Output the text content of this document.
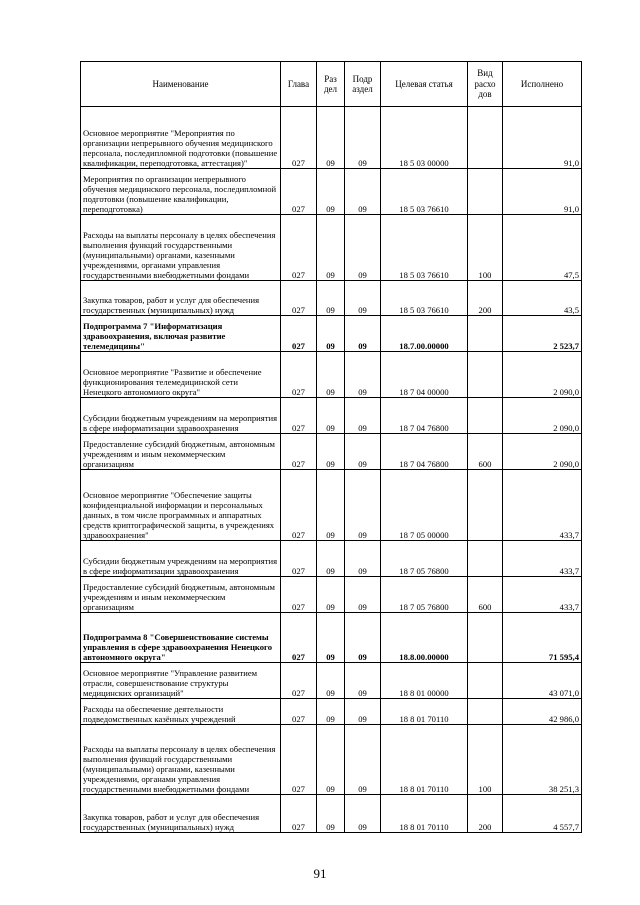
Наименование	Глава	Раз дел	Подр аздел	Целевая статья	Вид расхо дов	Исполнено
Основное мероприятие "Мероприятия по организации непрерывного обучения медицинского персонала, последипломной подготовки (повышение квалификации, переподготовка, аттестация)"	027	09	09	18 5 03 00000		91,0
Мероприятия по организации непрерывного обучения медицинского персонала, последипломной подготовки (повышение квалификации, переподготовка)	027	09	09	18 5 03 76610		91,0
Расходы на выплаты персоналу в целях обеспечения выполнения функций государственными (муниципальными) органами, казенными учреждениями, органами управления государственными внебюджетными фондами	027	09	09	18 5 03 76610	100	47,5
Закупка товаров, работ и услуг для обеспечения государственных (муниципальных) нужд	027	09	09	18 5 03 76610	200	43,5
Подпрограмма 7 "Информатизация здравоохранения, включая развитие телемедицины"	027	09	09	18.7.00.00000		2 523,7
Основное мероприятие "Развитие и обеспечение функционирования телемедицинской сети Ненецкого автономного округа"	027	09	09	18 7 04 00000		2 090,0
Субсидии бюджетным учреждениям на мероприятия в сфере информатизации здравоохранения	027	09	09	18 7 04 76800		2 090,0
Предоставление субсидий бюджетным, автономным учреждениям и иным некоммерческим организациям	027	09	09	18 7 04 76800	600	2 090,0
Основное мероприятие "Обеспечение защиты конфиденциальной информации и персональных данных, в том числе программных и аппаратных средств криптографической защиты, в учреждениях здравоохранения"	027	09	09	18 7 05 00000		433,7
Субсидии бюджетным учреждениям на мероприятия в сфере информатизации здравоохранения	027	09	09	18 7 05 76800		433,7
Предоставление субсидий бюджетным, автономным учреждениям и иным некоммерческим организациям	027	09	09	18 7 05 76800	600	433,7
Подпрограмма 8 "Совершенствование системы управления в сфере здравоохранения Ненецкого автономного округа"	027	09	09	18.8.00.00000		71 595,4
Основное мероприятие "Управление развитием отрасли, совершенствование структуры медицинских организаций"	027	09	09	18 8 01 00000		43 071,0
Расходы на обеспечение деятельности подведомственных казённых учреждений	027	09	09	18 8 01 70110		42 986,0
Расходы на выплаты персоналу в целях обеспечения выполнения функций государственными (муниципальными) органами, казенными учреждениями, органами управления государственными внебюджетными фондами	027	09	09	18 8 01 70110	100	38 251,3
Закупка товаров, работ и услуг для обеспечения государственных (муниципальных) нужд	027	09	09	18 8 01 70110	200	4 557,7
91
